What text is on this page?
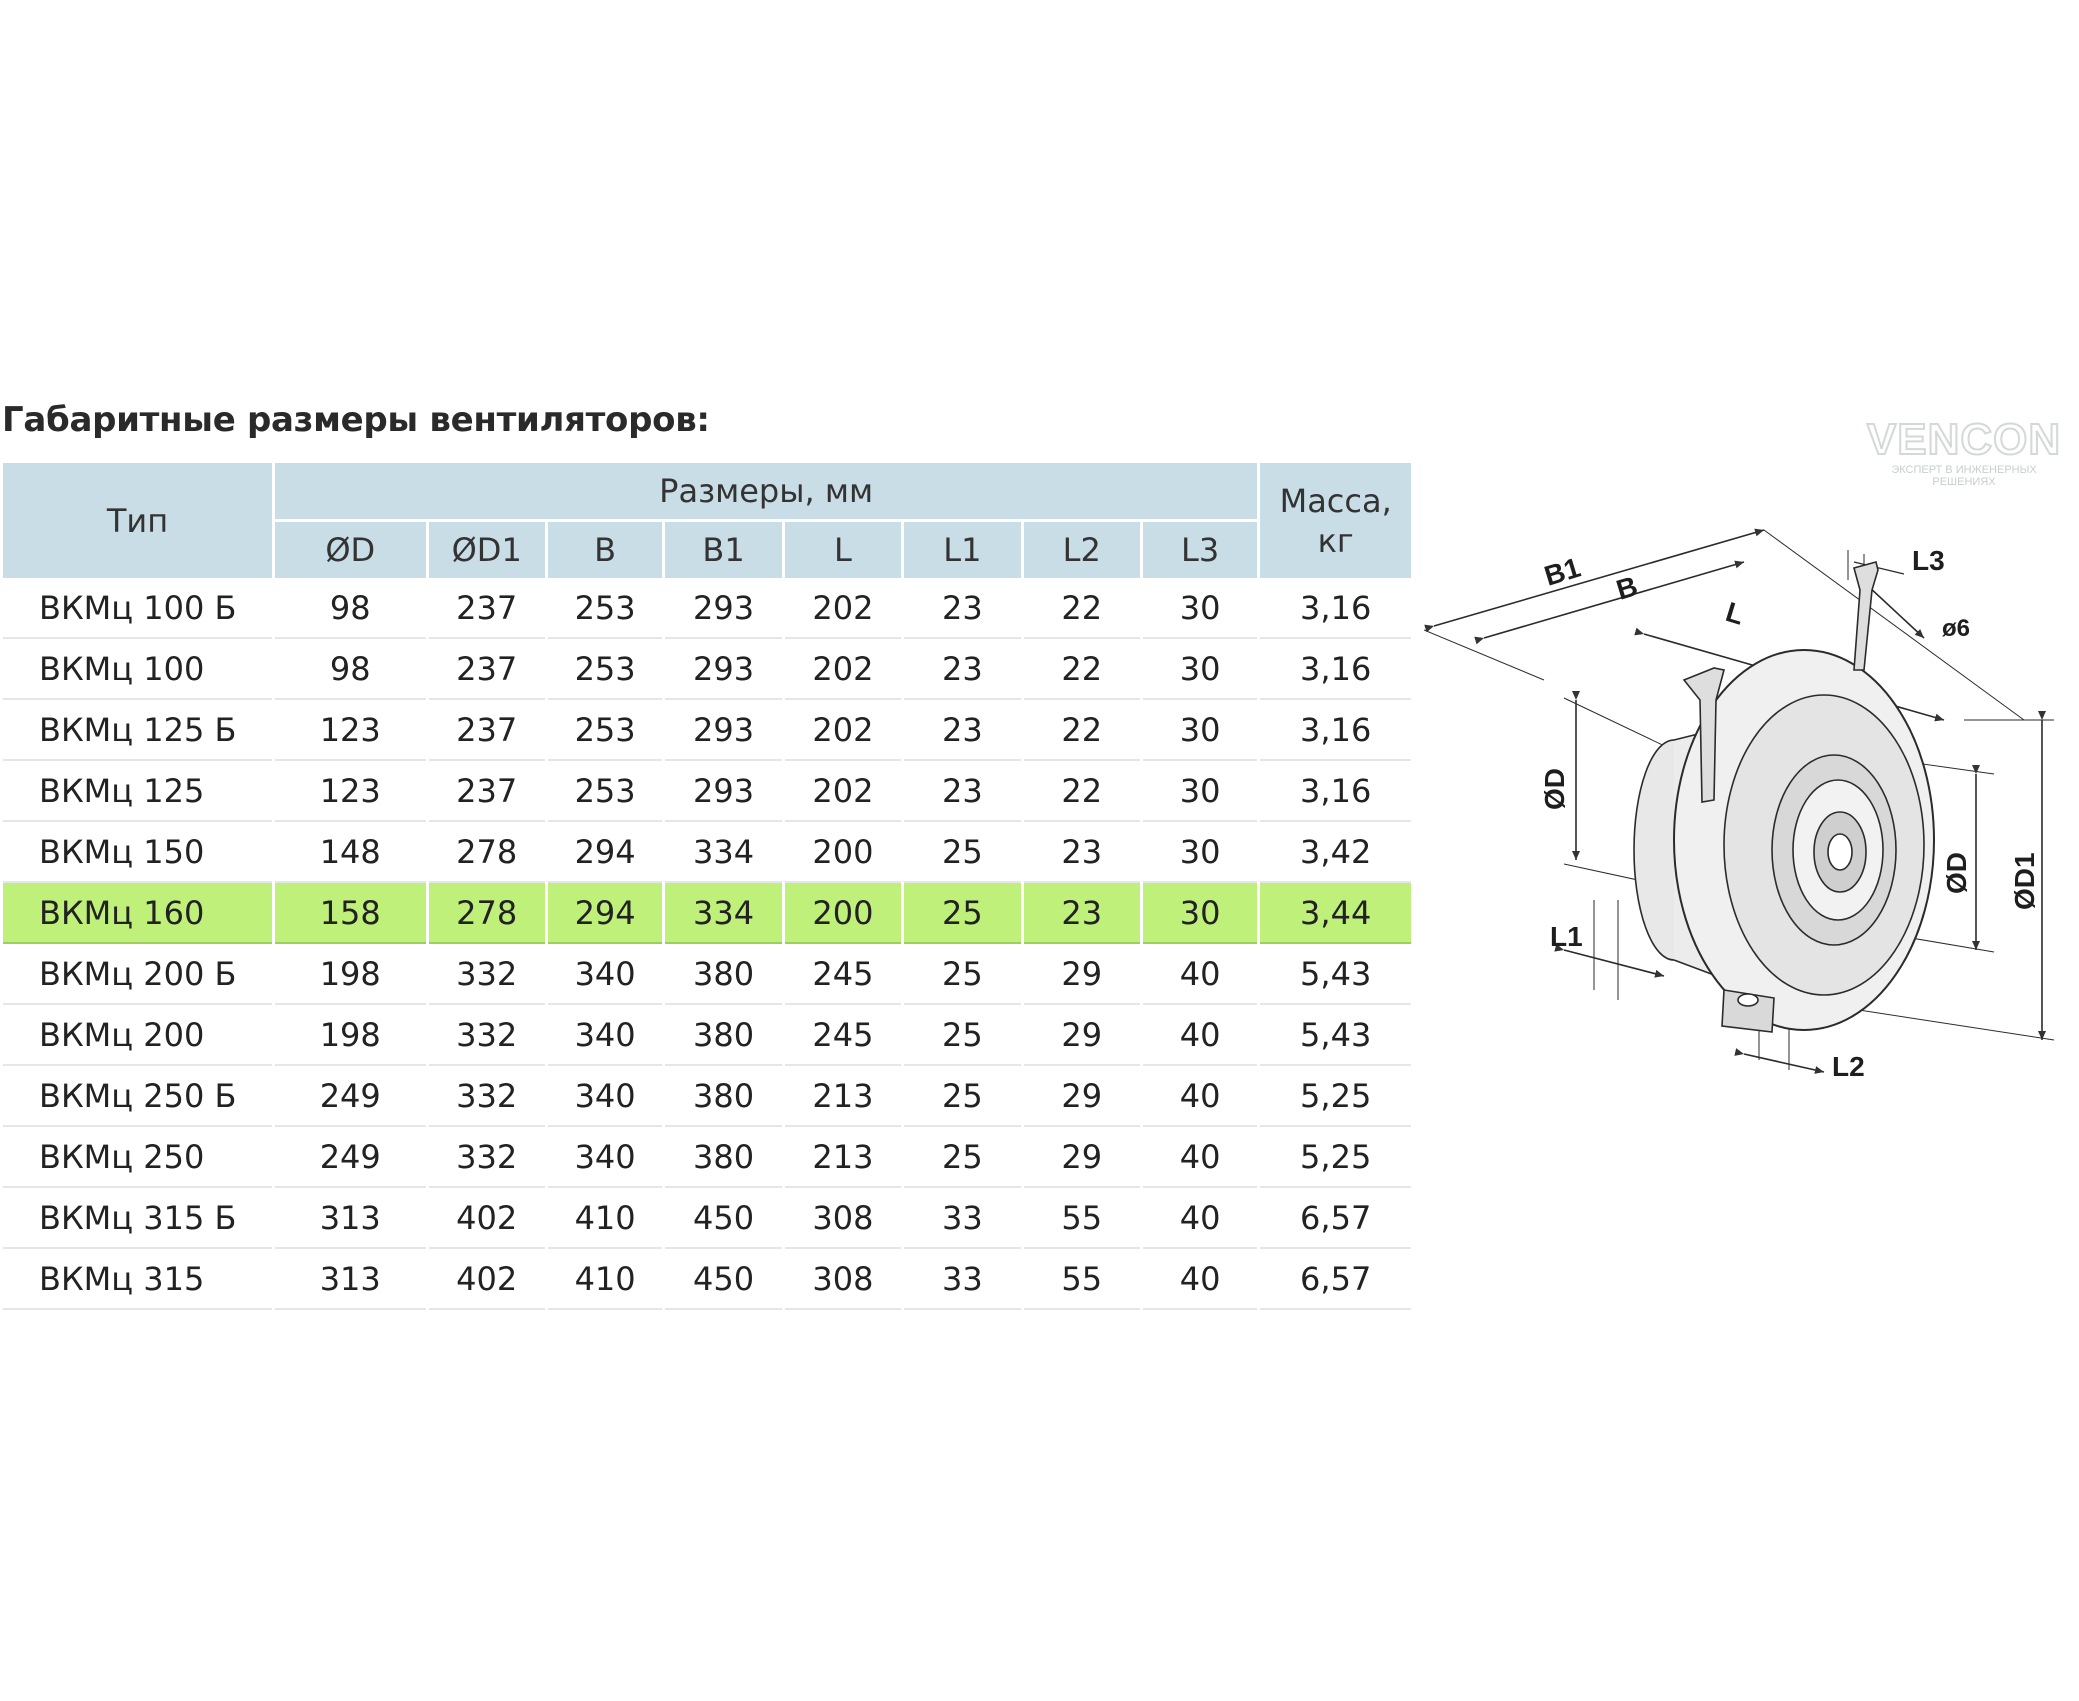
Габаритные размеры вентиляторов:	VENCON
ЭКСПЕРТ В ИНЖЕНЕРНЫХ РЕШЕНИЯХ
Тип	Размеры, мм								Масса, кг
	ØD	ØD1	B	B1	L	L1	L2	L3	
ВКМц 100 Б	98	237	253	293	202	23	22	30	3,16
ВКМц 100	98	237	253	293	202	23	22	30	3,16
ВКМц 125 Б	123	237	253	293	202	23	22	30	3,16
ВКМц 125	123	237	253	293	202	23	22	30	3,16
ВКМц 150	148	278	294	334	200	25	23	30	3,42
ВКМц 160	158	278	294	334	200	25	23	30	3,44
ВКМц 200 Б	198	332	340	380	245	25	29	40	5,43
ВКМц 200	198	332	340	380	245	25	29	40	5,43
ВКМц 250 Б	249	332	340	380	213	25	29	40	5,25
ВКМц 250	249	332	340	380	213	25	29	40	5,25
ВКМц 315 Б	313	402	410	450	308	33	55	40	6,57
ВКМц 315	313	402	410	450	308	33	55	40	6,57
B1 B
L
L3
ø6
ØD
ØD ØD1
L1
L2
